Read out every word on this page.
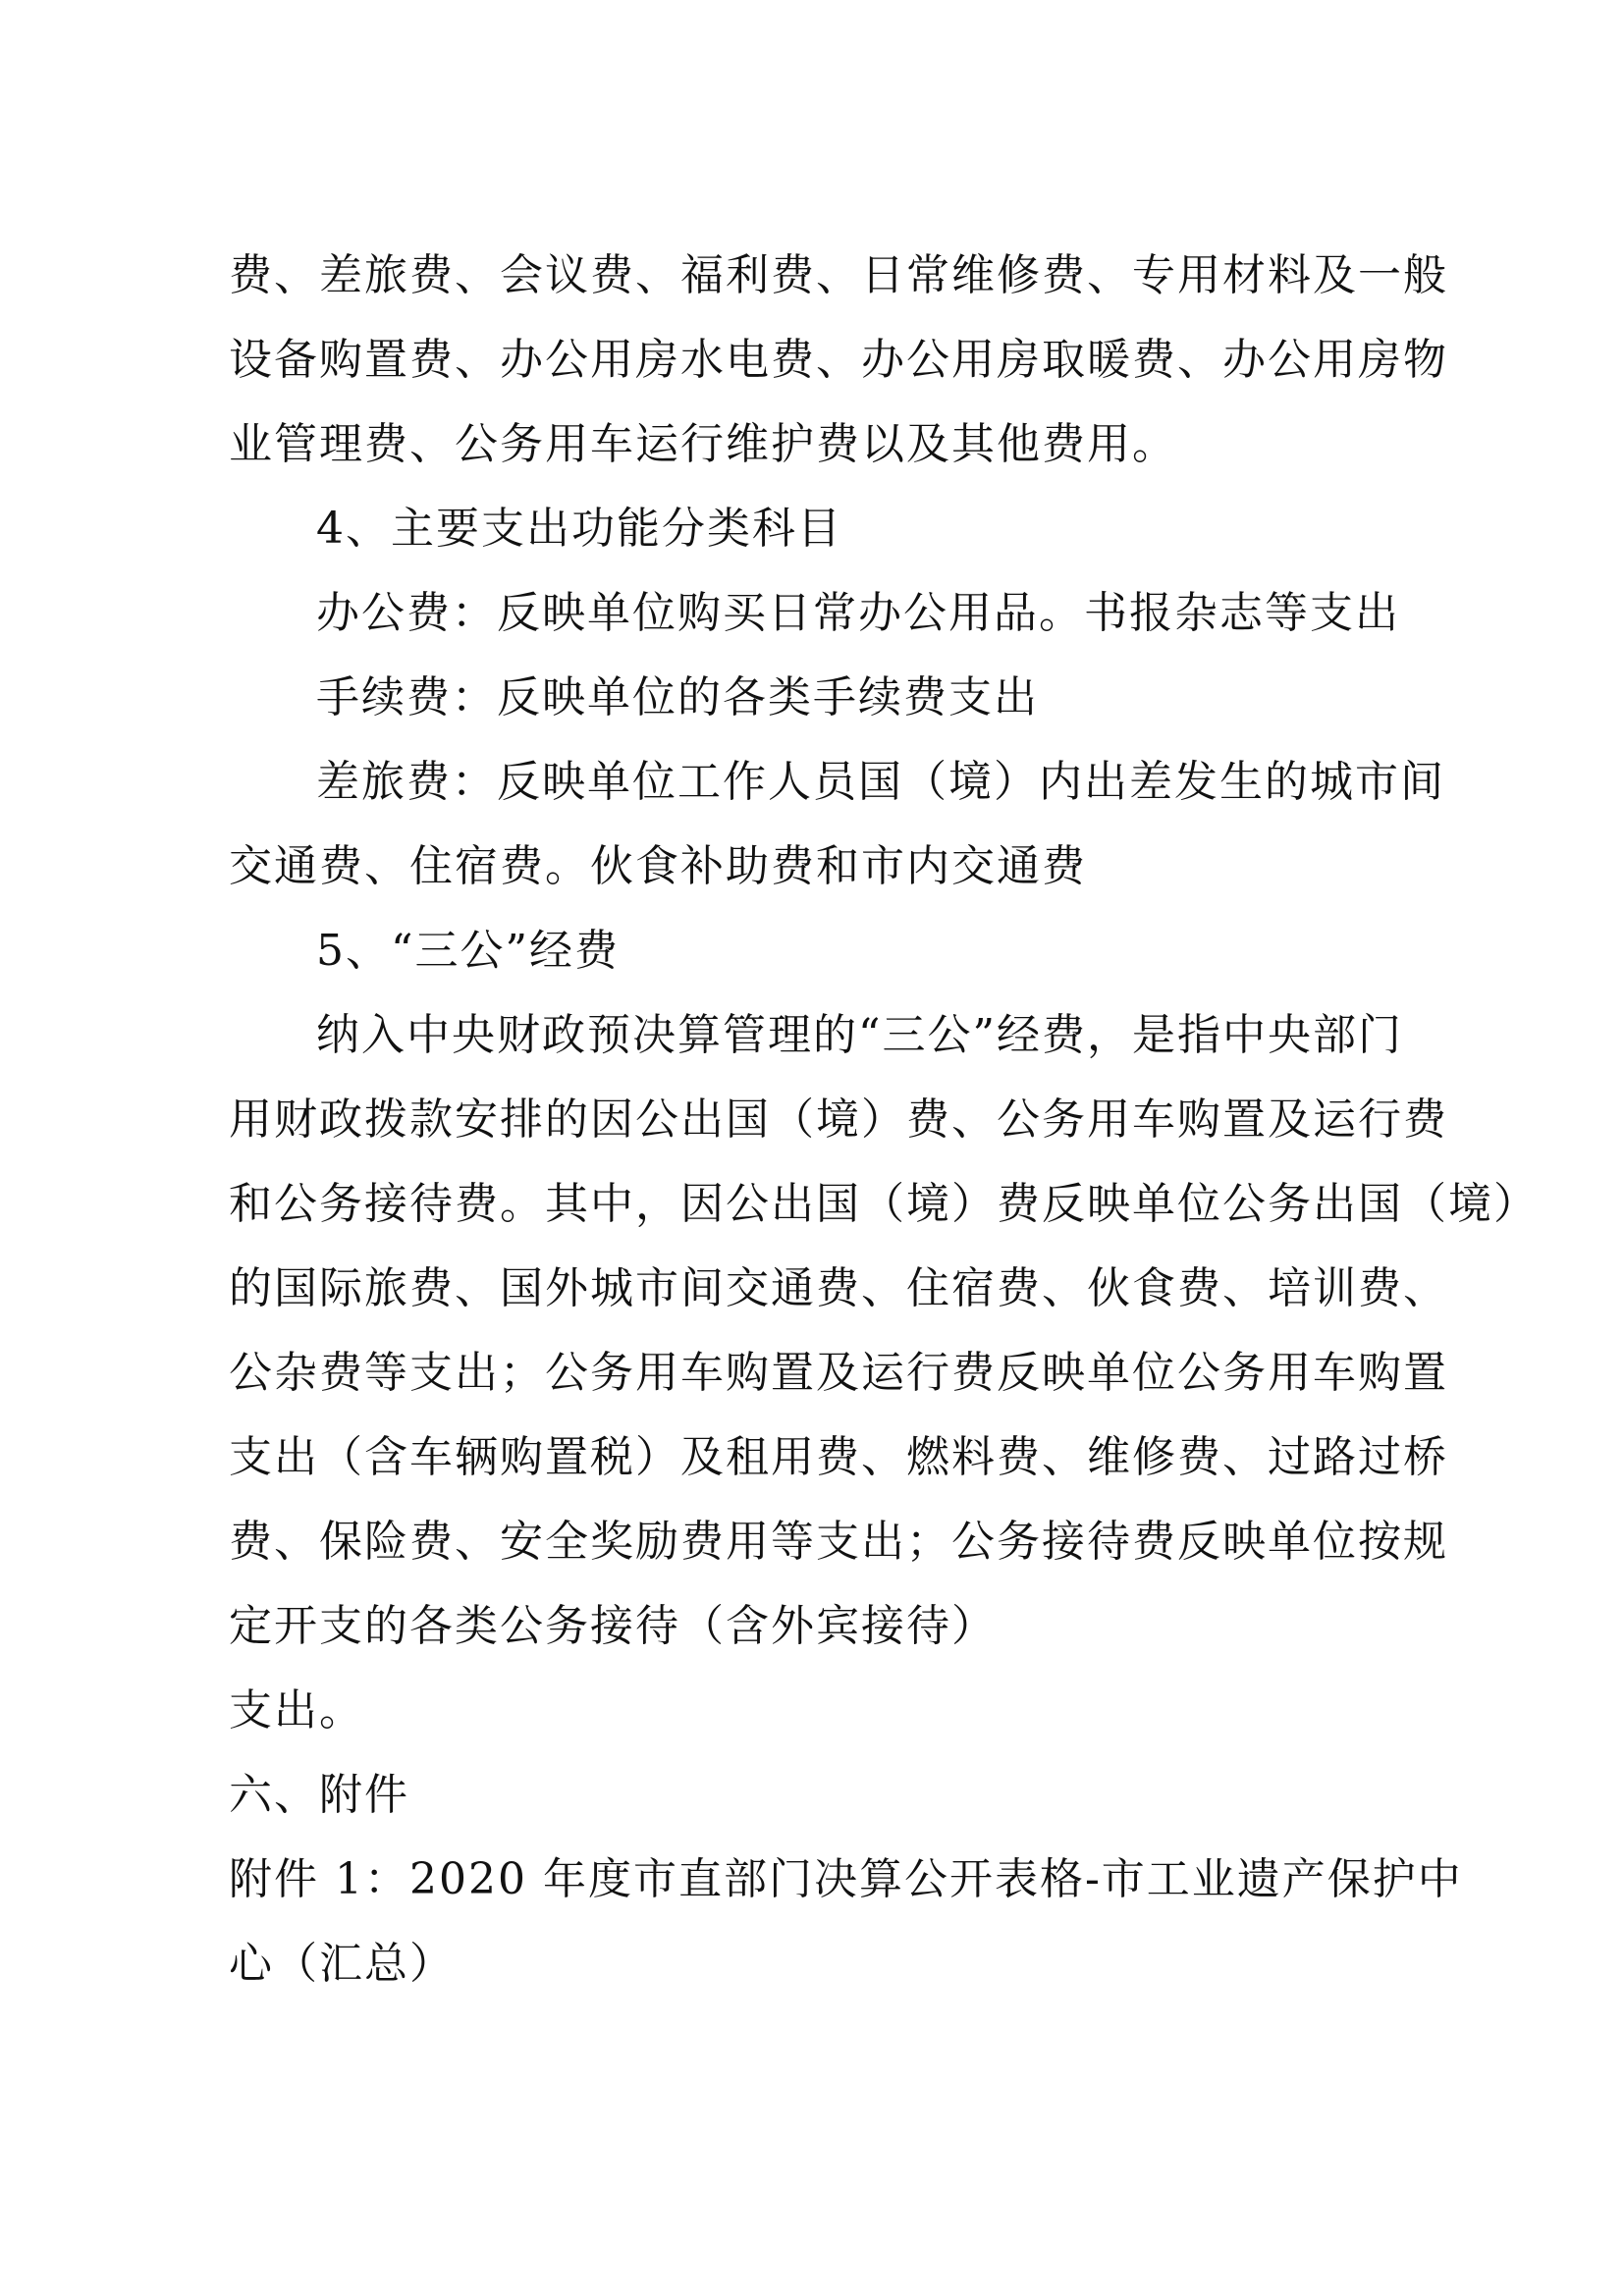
费、差旅费、会议费、福利费、日常维修费、专用材料及一般
设备购置费、办公用房水电费、办公用房取暖费、办公用房物
业管理费、公务用车运行维护费以及其他费用。
4、主要支出功能分类科目
办公费：反映单位购买日常办公用品。书报杂志等支出
手续费：反映单位的各类手续费支出
差旅费：反映单位工作人员国（境）内出差发生的城市间
交通费、住宿费。伙食补助费和市内交通费
5、“三公”经费
纳入中央财政预决算管理的“三公”经费，是指中央部门
用财政拨款安排的因公出国（境）费、公务用车购置及运行费
和公务接待费。其中，因公出国（境）费反映单位公务出国（境）
的国际旅费、国外城市间交通费、住宿费、伙食费、培训费、
公杂费等支出；公务用车购置及运行费反映单位公务用车购置
支出（含车辆购置税）及租用费、燃料费、维修费、过路过桥
费、保险费、安全奖励费用等支出；公务接待费反映单位按规
定开支的各类公务接待（含外宾接待）
支出。
六、附件
附件 1：2020 年度市直部门决算公开表格-市工业遗产保护中
心（汇总）
